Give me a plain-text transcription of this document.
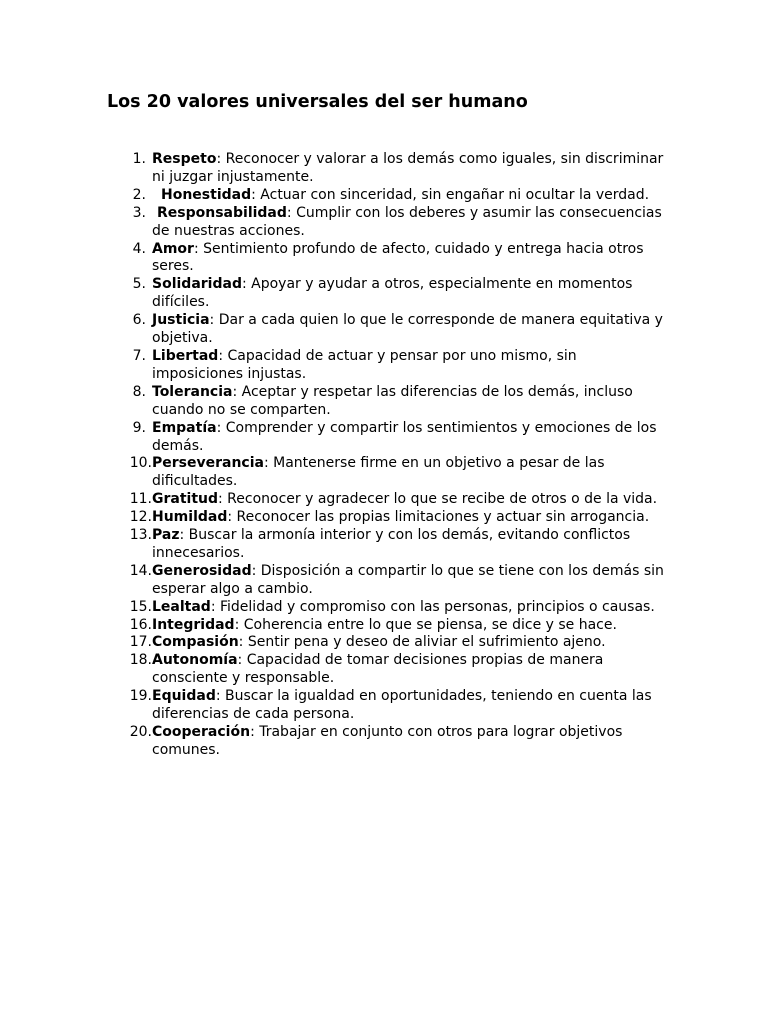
Los 20 valores universales del ser humano
1. Respeto: Reconocer y valorar a los demás como iguales, sin discriminar ni juzgar injustamente.
2.	Honestidad: Actuar con sinceridad, sin engañar ni ocultar la verdad.
3. Responsabilidad: Cumplir con los deberes y asumir las consecuencias de nuestras acciones.
4. Amor: Sentimiento profundo de afecto, cuidado y entrega hacia otros seres.
5. Solidaridad: Apoyar y ayudar a otros, especialmente en momentos difíciles.
6. Justicia: Dar a cada quien lo que le corresponde de manera equitativa y objetiva.
7. Libertad: Capacidad de actuar y pensar por uno mismo, sin imposiciones injustas.
8. Tolerancia: Aceptar y respetar las diferencias de los demás, incluso cuando no se comparten.
9. Empatía: Comprender y compartir los sentimientos y emociones de los demás.
10. Perseverancia: Mantenerse firme en un objetivo a pesar de las dificultades.
11. Gratitud: Reconocer y agradecer lo que se recibe de otros o de la vida.
12. Humildad: Reconocer las propias limitaciones y actuar sin arrogancia.
13. Paz: Buscar la armonía interior y con los demás, evitando conflictos innecesarios.
14. Generosidad: Disposición a compartir lo que se tiene con los demás sin esperar algo a cambio.
15. Lealtad: Fidelidad y compromiso con las personas, principios o causas.
16. Integridad: Coherencia entre lo que se piensa, se dice y se hace.
17. Compasión: Sentir pena y deseo de aliviar el sufrimiento ajeno.
18. Autonomía: Capacidad de tomar decisiones propias de manera consciente y responsable.
19. Equidad: Buscar la igualdad en oportunidades, teniendo en cuenta las diferencias de cada persona.
20. Cooperación: Trabajar en conjunto con otros para lograr objetivos comunes.
